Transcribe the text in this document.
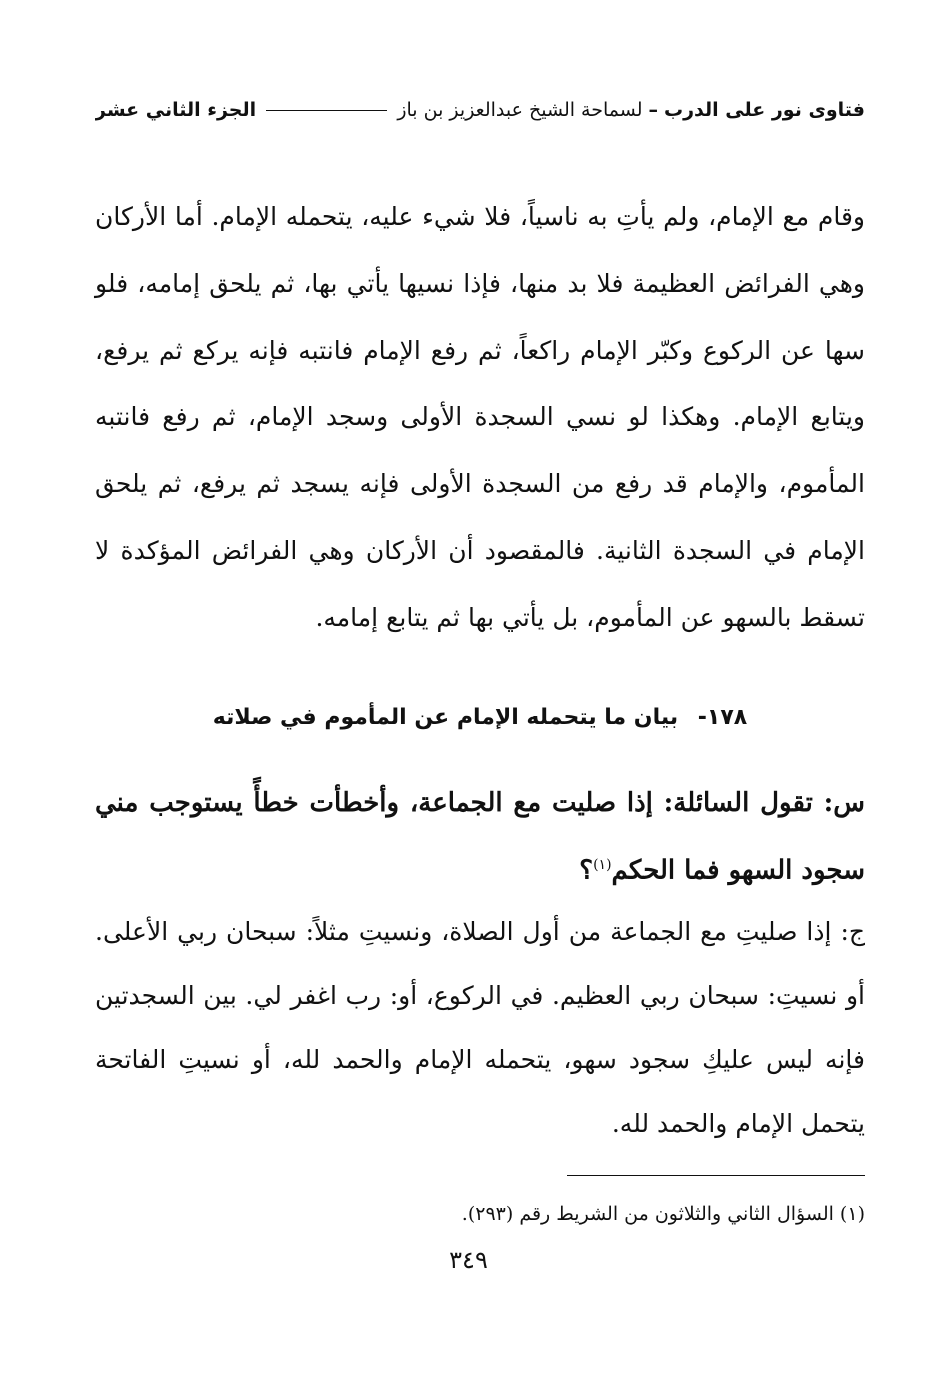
فتاوى نور على الدرب
–
لسماحة الشيخ عبدالعزيز بن باز
الجزء الثاني عشر

وقام مع الإمام، ولم يأتِ به ناسياً، فلا شيء عليه، يتحمله الإمام. أما الأركان وهي الفرائض العظيمة فلا بد منها، فإذا نسيها يأتي بها، ثم يلحق إمامه، فلو سها عن الركوع وكبّر الإمام راكعاً، ثم رفع الإمام فانتبه فإنه يركع ثم يرفع، ويتابع الإمام. وهكذا لو نسي السجدة الأولى وسجد الإمام، ثم رفع فانتبه المأموم، والإمام قد رفع من السجدة الأولى فإنه يسجد ثم يرفع، ثم يلحق الإمام في السجدة الثانية. فالمقصود أن الأركان وهي الفرائض المؤكدة لا تسقط بالسهو عن المأموم، بل يأتي بها ثم يتابع إمامه.

١٧٨- بيان ما يتحمله الإمام عن المأموم في صلاته
س: تقول السائلة: إذا صليت مع الجماعة، وأخطأت خطأً يستوجب مني سجود السهو فما الحكم$^{(١)}$؟
ج: إذا صليتِ مع الجماعة من أول الصلاة، ونسيتِ مثلاً: سبحان ربي الأعلى. أو نسيتِ: سبحان ربي العظيم. في الركوع، أو: رب اغفر لي. بين السجدتين فإنه ليس عليكِ سجود سهو، يتحمله الإمام والحمد لله، أو نسيتِ الفاتحة يتحمل الإمام والحمد لله.
(١) السؤال الثاني والثلاثون من الشريط رقم (٢٩٣).
٣٤٩
